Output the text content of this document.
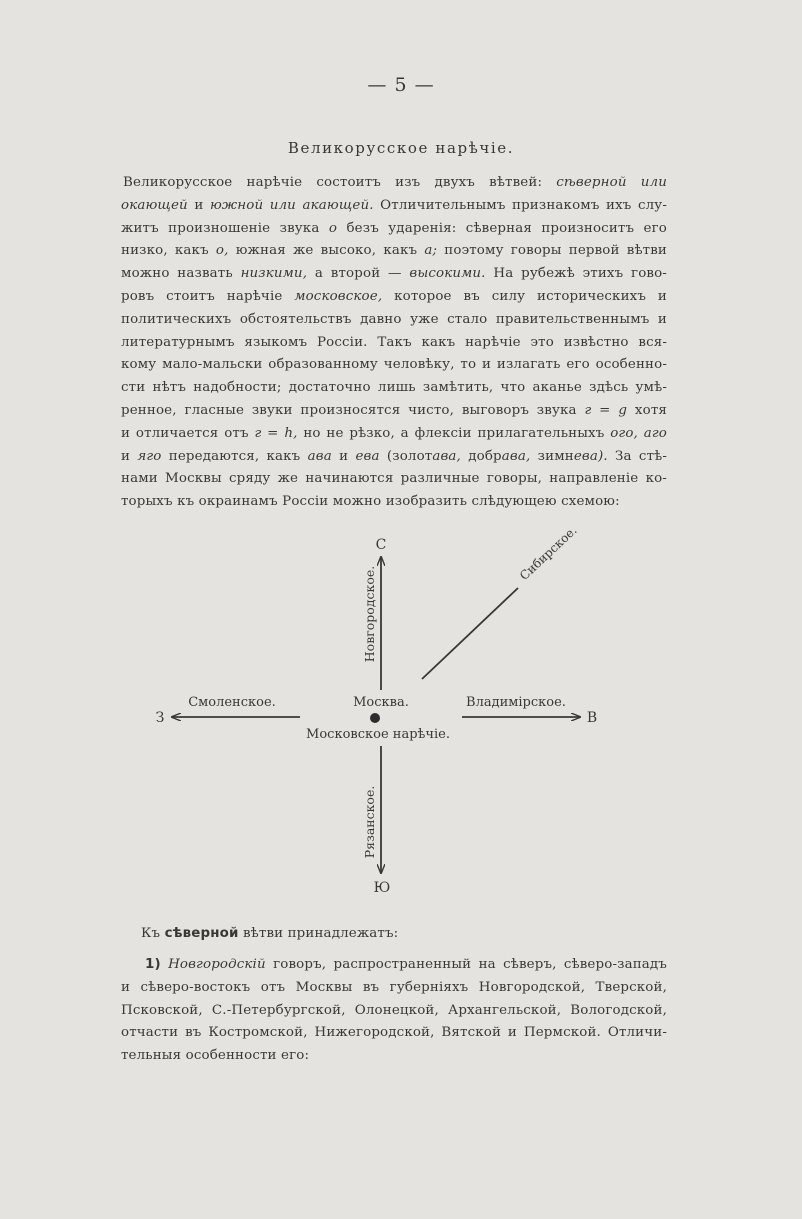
— 5 —
Великорусское нарѣчіе.
Великорусское нарѣчіе состоитъ изъ двухъ вѣтвей: сѣверной или
окающей и южной или акающей. Отличительнымъ признакомъ ихъ слу-
житъ произношеніе звука о безъ ударенія: сѣверная произноситъ его
низко, какъ о, южная же высоко, какъ а; поэтому говоры первой вѣтви
можно назвать низкими, а второй — высокими. На рубежѣ этихъ гово-
ровъ стоитъ нарѣчіе московское, которое въ силу историческихъ и
политическихъ обстоятельствъ давно уже стало правительственнымъ и
литературнымъ языкомъ Россіи. Такъ какъ нарѣчіе это извѣстно вся-
кому мало-мальски образованному человѣку, то и излагать его особенно-
сти нѣтъ надобности; достаточно лишь замѣтить, что аканье здѣсь умѣ-
ренное, гласные звуки произносятся чисто, выговоръ звука г = g хотя
и отличается отъ г = h, но не рѣзко, а флексіи прилагательныхъ ого, аго
и яго передаются, какъ ава и ева (золотава, добрава, зимнева). За стѣ-
нами Москвы сряду же начинаются различные говоры, направленіе ко-
торыхъ къ окраинамъ Россіи можно изобразить слѣдующею схемою:
С
Ю
З	В
Новгородское.
Рязанское.
Сибирское.
Смоленское.	Владимірское.
Москва.
Московское нарѣчіе.
Къ сѣверной вѣтви принадлежатъ:
1) Новгородскій говоръ, распространенный на сѣверъ, сѣверо-западъ
и сѣверо-востокъ отъ Москвы въ губерніяхъ Новгородской, Тверской,
Псковской, С.-Петербургской, Олонецкой, Архангельской, Вологодской,
отчасти въ Костромской, Нижегородской, Вятской и Пермской. Отличи-
тельныя особенности его:
